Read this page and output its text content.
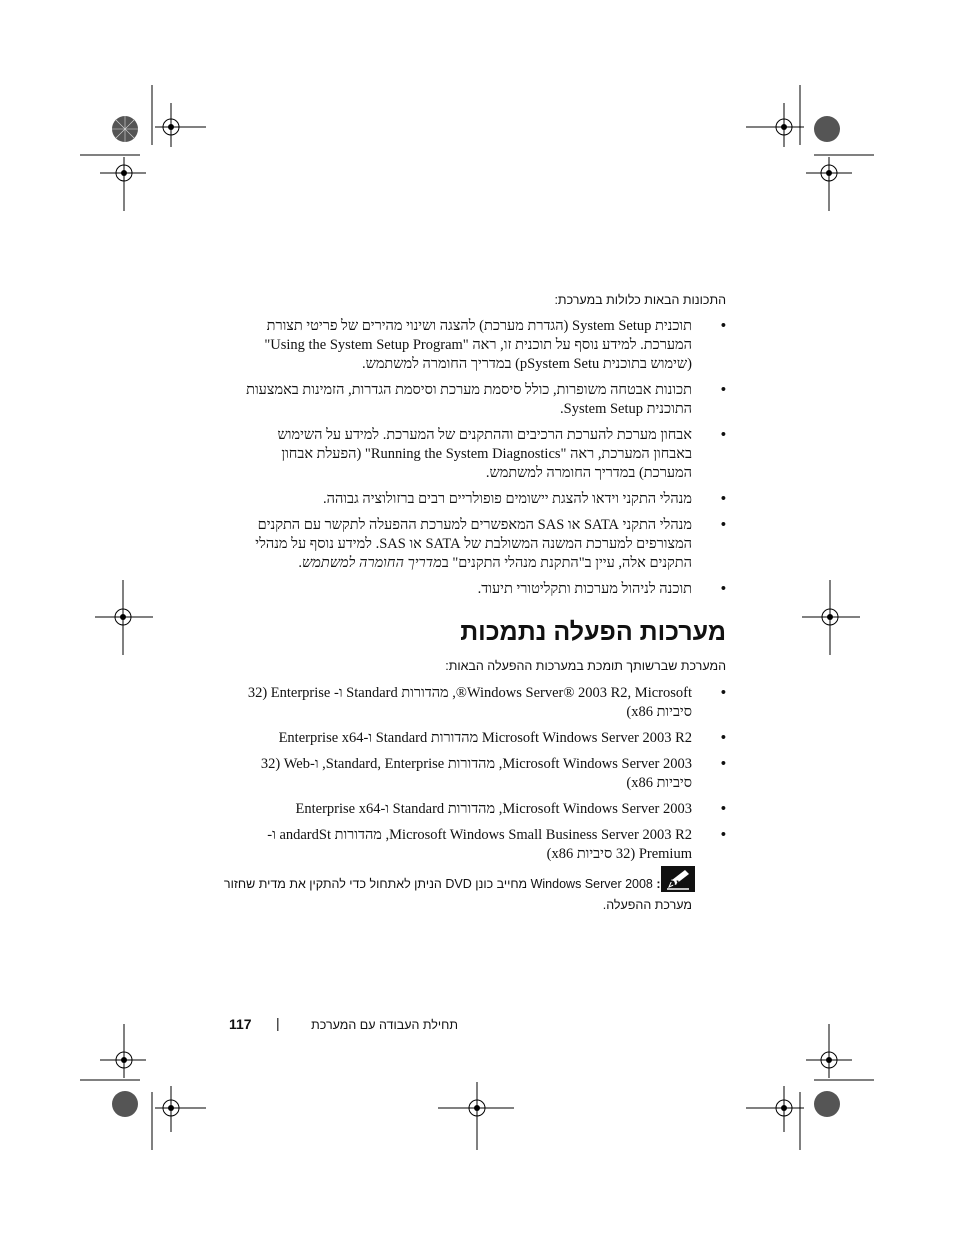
התכונות הבאות כלולות במערכת:
•
תוכנית System Setup (הגדרת מערכת) להצגה ושינוי מהירים של פריטי תצורת המערכת. למידע נוסף על תוכנית זו, ראה "Using the System Setup Program" (שימוש בתוכנית pSystem Setu) במדריך החומרה למשתמש.
•
תכונות אבטחה משופרות, כולל סיסמת מערכת וסיסמת הגדרות, הזמינות באמצעות התוכנית System Setup.
•
אבחון מערכת להערכת הרכיבים וההתקנים של המערכת. למידע על השימוש באבחון המערכת, ראה "Running the System Diagnostics" (הפעלת אבחון המערכת) במדריך החומרה למשתמש.
•
מנהלי התקני וידאו להצגת יישומים פופולריים רבים ברזולוציה גבוהה.
•
מנהלי התקני SATA או SAS המאפשרים למערכת ההפעלה לתקשר עם התקנים המצורפים למערכת המשנה המשולבת של SATA או SAS. למידע נוסף על מנהלי התקנים אלה, עיין ב"התקנת מנהלי התקנים" במדריך החומרה למשתמש.
•
תוכנה לניהול מערכות ותקליטורי תיעוד.
מערכות הפעלה נתמכות
המערכת שברשותך תומכת במערכות ההפעלה הבאות:
•
Windows Server® 2003 R2, Microsoft®, מהדורות Standard ו- Enterprise (32 סיביות x86)
•
Microsoft Windows Server 2003 R2 מהדורות Standard ו-Enterprise x64
•
Microsoft Windows Server 2003, מהדורות Standard, Enterprise, ו-Web (32 סיביות x86)
•
Microsoft Windows Server 2003, מהדורות Standard ו-Enterprise x64
•
Microsoft Windows Small Business Server 2003 R2, מהדורות andardSt ו-Premium (32 סיביות x86)
הערה: Windows Server 2008 מחייב כונן DVD הניתן לאתחול כדי להתקין את מדית שחזור מערכת ההפעלה.
תחילת העבודה עם המערכת
|
117
